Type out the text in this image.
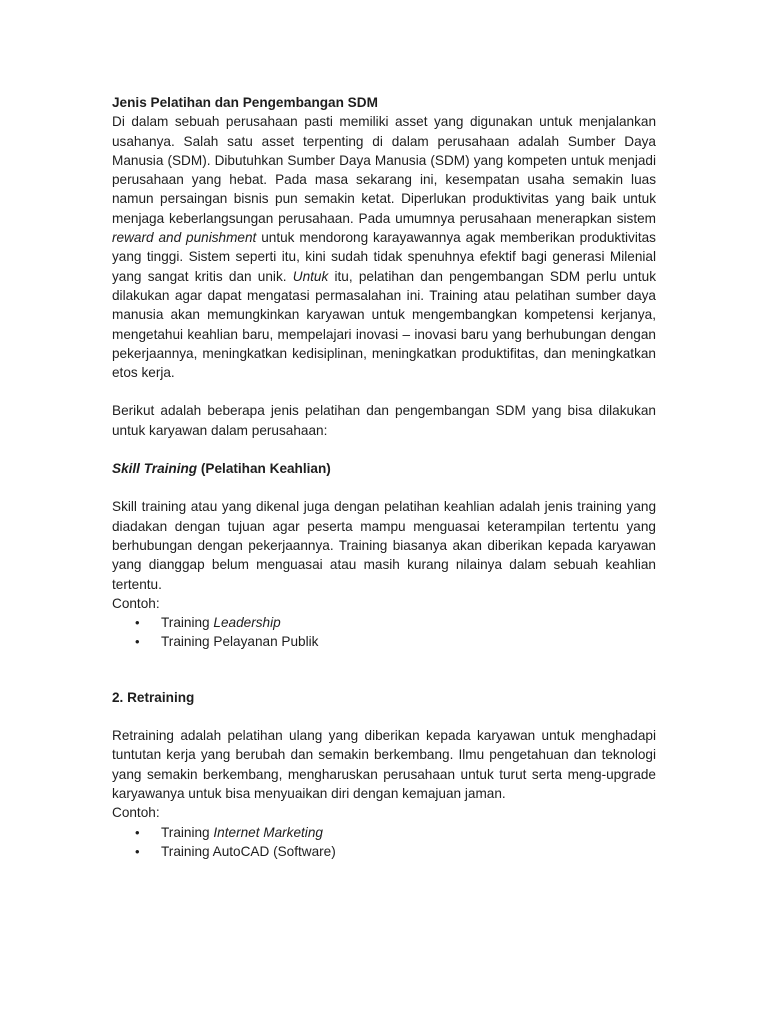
Jenis Pelatihan dan Pengembangan SDM

Di dalam sebuah perusahaan pasti memiliki asset yang digunakan untuk menjalankan usahanya. Salah satu asset terpenting di dalam perusahaan adalah Sumber Daya Manusia (SDM). Dibutuhkan Sumber Daya Manusia (SDM) yang kompeten untuk menjadi perusahaan yang hebat. Pada masa sekarang ini, kesempatan usaha semakin luas namun persaingan bisnis pun semakin ketat. Diperlukan produktivitas yang baik untuk menjaga keberlangsungan perusahaan. Pada umumnya perusahaan menerapkan sistem reward and punishment untuk mendorong karayawannya agak memberikan produktivitas yang tinggi. Sistem seperti itu, kini sudah tidak spenuhnya efektif bagi generasi Milenial yang sangat kritis dan unik. Untuk itu, pelatihan dan pengembangan SDM perlu untuk dilakukan agar dapat mengatasi permasalahan ini. Training atau pelatihan sumber daya manusia akan memungkinkan karyawan untuk mengembangkan kompetensi kerjanya, mengetahui keahlian baru, mempelajari inovasi – inovasi baru yang berhubungan dengan pekerjaannya, meningkatkan kedisiplinan, meningkatkan produktifitas, dan meningkatkan etos kerja.

Berikut adalah beberapa jenis pelatihan dan pengembangan SDM yang bisa dilakukan untuk karyawan dalam perusahaan:

Skill Training (Pelatihan Keahlian)

Skill training atau yang dikenal juga dengan pelatihan keahlian adalah jenis training yang diadakan dengan tujuan agar peserta mampu menguasai keterampilan tertentu yang berhubungan dengan pekerjaannya. Training biasanya akan diberikan kepada karyawan yang dianggap belum menguasai atau masih kurang nilainya dalam sebuah keahlian tertentu.

Contoh:

• Training Leadership
• Training Pelayanan Publik

2. Retraining

Retraining adalah pelatihan ulang yang diberikan kepada karyawan untuk menghadapi tuntutan kerja yang berubah dan semakin berkembang. Ilmu pengetahuan dan teknologi yang semakin berkembang, mengharuskan perusahaan untuk turut serta meng-upgrade karyawanya untuk bisa menyuaikan diri dengan kemajuan jaman.

Contoh:

• Training Internet Marketing
• Training AutoCAD (Software)
